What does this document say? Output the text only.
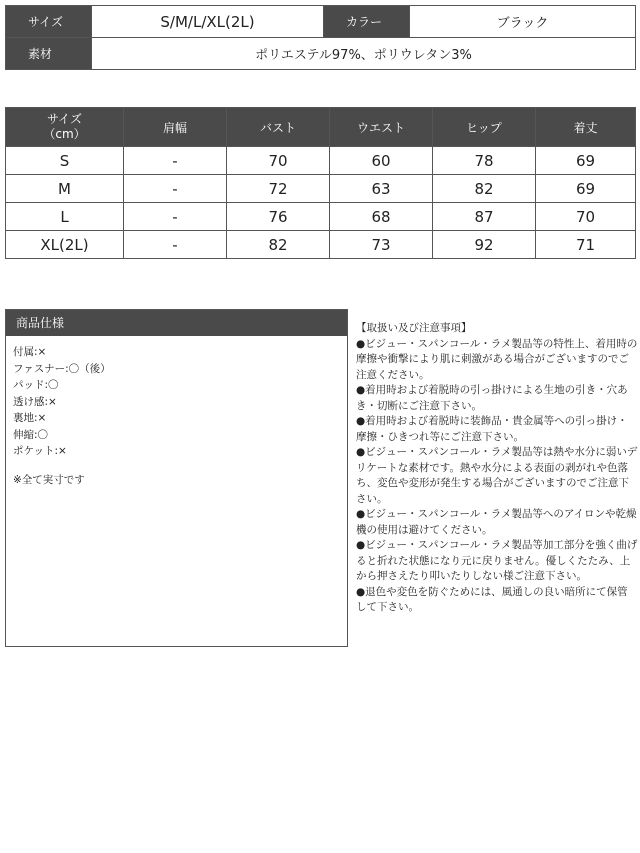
サイズ	S/M/L/XL(2L)	カラー	ブラック
素材	ポリエステル97%、ポリウレタン3%		
サイズ
（cm）	肩幅	バスト	ウエスト	ヒップ	着丈
S	-	70	60	78	69
M	-	72	63	82	69
L	-	76	68	87	70
XL(2L)	-	82	73	92	71
商品仕様
付属:×
ファスナー:〇（後）
パッド:〇
透け感:×
裏地:×
伸縮:〇
ポケット:×
※全て実寸です
【取扱い及び注意事項】
●ビジュー・スパンコール・ラメ製品等の特性上、着用時の摩擦や衝撃により肌に刺激がある場合がございますのでご注意ください。
●着用時および着脱時の引っ掛けによる生地の引き・穴あき・切断にご注意下さい。
●着用時および着脱時に装飾品・貴金属等への引っ掛け・摩擦・ひきつれ等にご注意下さい。
●ビジュー・スパンコール・ラメ製品等は熱や水分に弱いデリケートな素材です。熱や水分による表面の剥がれや色落ち、変色や変形が発生する場合がございますのでご注意下さい。
●ビジュー・スパンコール・ラメ製品等へのアイロンや乾燥機の使用は避けてください。
●ビジュー・スパンコール・ラメ製品等加工部分を強く曲げると折れた状態になり元に戻りません。優しくたたみ、上から押さえたり叩いたりしない様ご注意下さい。
●退色や変色を防ぐためには、風通しの良い暗所にて保管して下さい。
